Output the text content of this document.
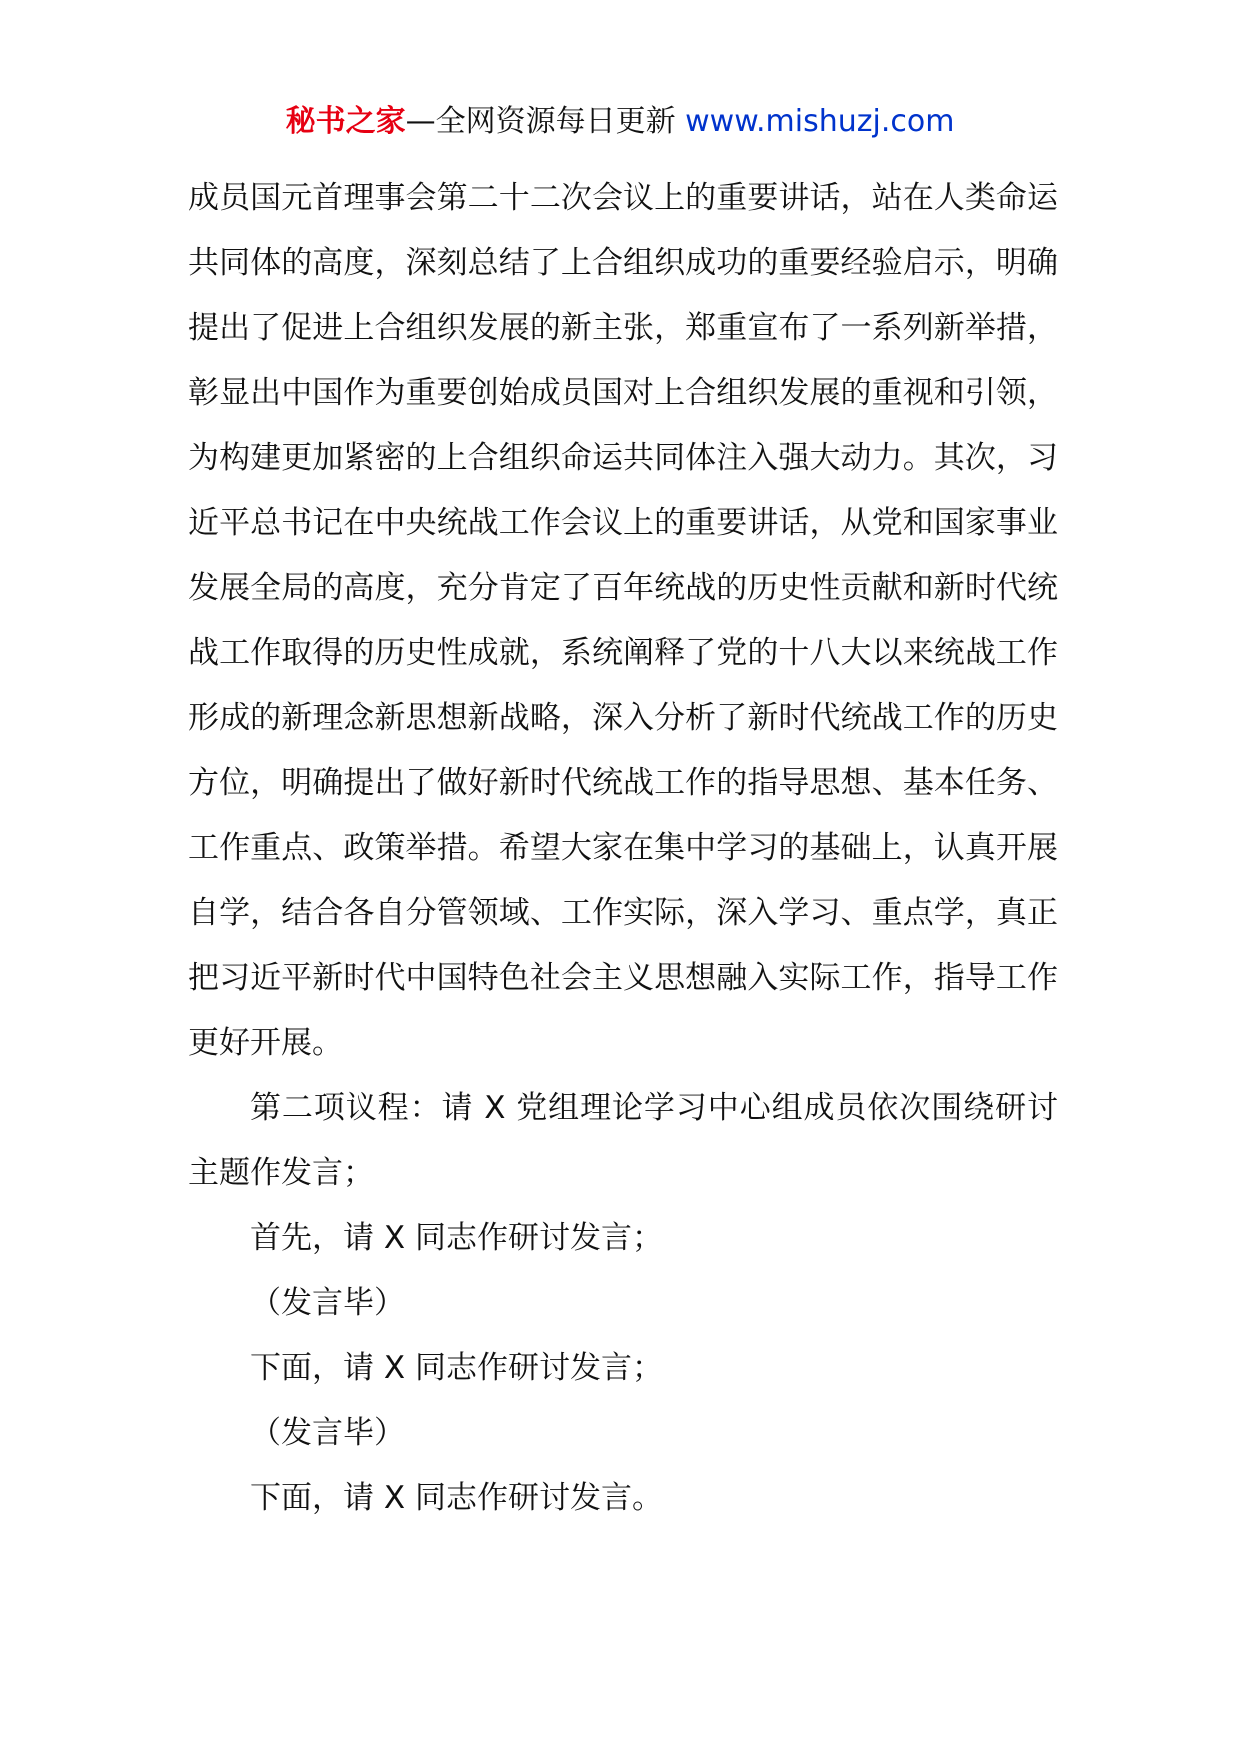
秘书之家—全网资源每日更新 www.mishuzj.com

成员国元首理事会第二十二次会议上的重要讲话，站在人类命运共同体的高度，深刻总结了上合组织成功的重要经验启示，明确提出了促进上合组织发展的新主张，郑重宣布了一系列新举措，彰显出中国作为重要创始成员国对上合组织发展的重视和引领，为构建更加紧密的上合组织命运共同体注入强大动力。其次，习近平总书记在中央统战工作会议上的重要讲话，从党和国家事业发展全局的高度，充分肯定了百年统战的历史性贡献和新时代统战工作取得的历史性成就，系统阐释了党的十八大以来统战工作形成的新理念新思想新战略，深入分析了新时代统战工作的历史方位，明确提出了做好新时代统战工作的指导思想、基本任务、工作重点、政策举措。希望大家在集中学习的基础上，认真开展自学，结合各自分管领域、工作实际，深入学习、重点学，真正把习近平新时代中国特色社会主义思想融入实际工作，指导工作更好开展。

第二项议程：请 X 党组理论学习中心组成员依次围绕研讨主题作发言；

首先，请 X 同志作研讨发言；

（发言毕）

下面，请 X 同志作研讨发言；

（发言毕）

下面，请 X 同志作研讨发言。
